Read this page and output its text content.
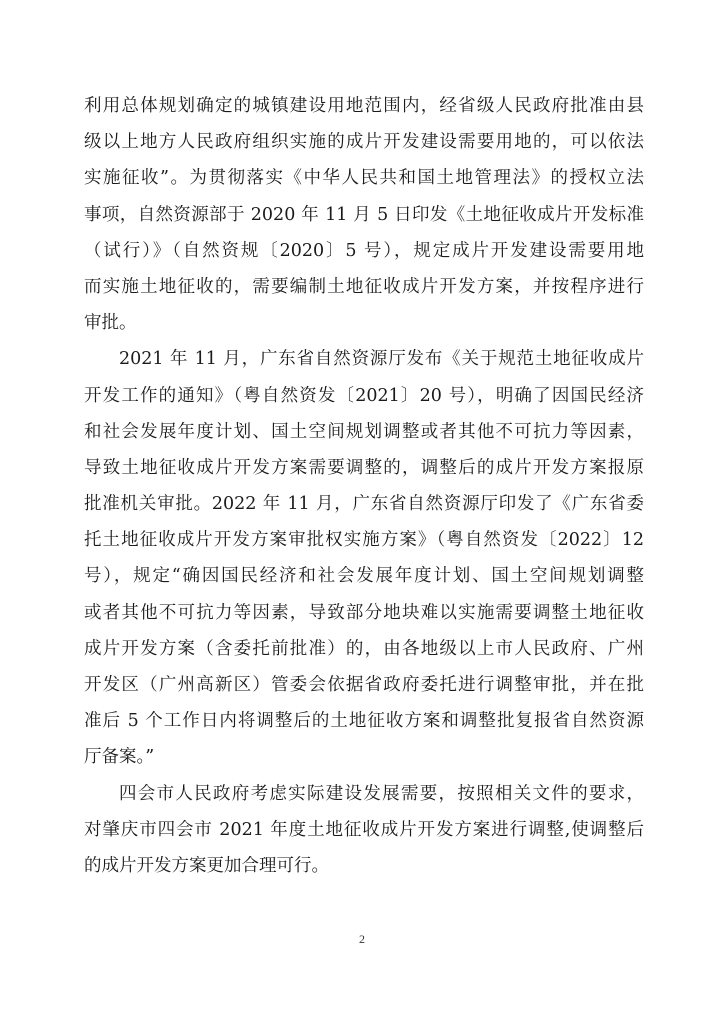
利用总体规划确定的城镇建设用地范围内，经省级人民政府批准由县
级以上地方人民政府组织实施的成片开发建设需要用地的，可以依法
实施征收”。为贯彻落实《中华人民共和国土地管理法》的授权立法
事项，自然资源部于 2020 年 11 月 5 日印发《土地征收成片开发标准
（试行）》（自然资规〔2020〕5 号），规定成片开发建设需要用地
而实施土地征收的，需要编制土地征收成片开发方案，并按程序进行
审批。
2021 年 11 月，广东省自然资源厅发布《关于规范土地征收成片
开发工作的通知》（粤自然资发〔2021〕20 号），明确了因国民经济
和社会发展年度计划、国土空间规划调整或者其他不可抗力等因素，
导致土地征收成片开发方案需要调整的，调整后的成片开发方案报原
批准机关审批。2022 年 11 月，广东省自然资源厅印发了《广东省委
托土地征收成片开发方案审批权实施方案》（粤自然资发〔2022〕12
号），规定“确因国民经济和社会发展年度计划、国土空间规划调整
或者其他不可抗力等因素，导致部分地块难以实施需要调整土地征收
成片开发方案（含委托前批准）的，由各地级以上市人民政府、广州
开发区（广州高新区）管委会依据省政府委托进行调整审批，并在批
准后 5 个工作日内将调整后的土地征收方案和调整批复报省自然资源
厅备案。”
四会市人民政府考虑实际建设发展需要，按照相关文件的要求，
对肇庆市四会市 2021 年度土地征收成片开发方案进行调整,使调整后
的成片开发方案更加合理可行。
2
